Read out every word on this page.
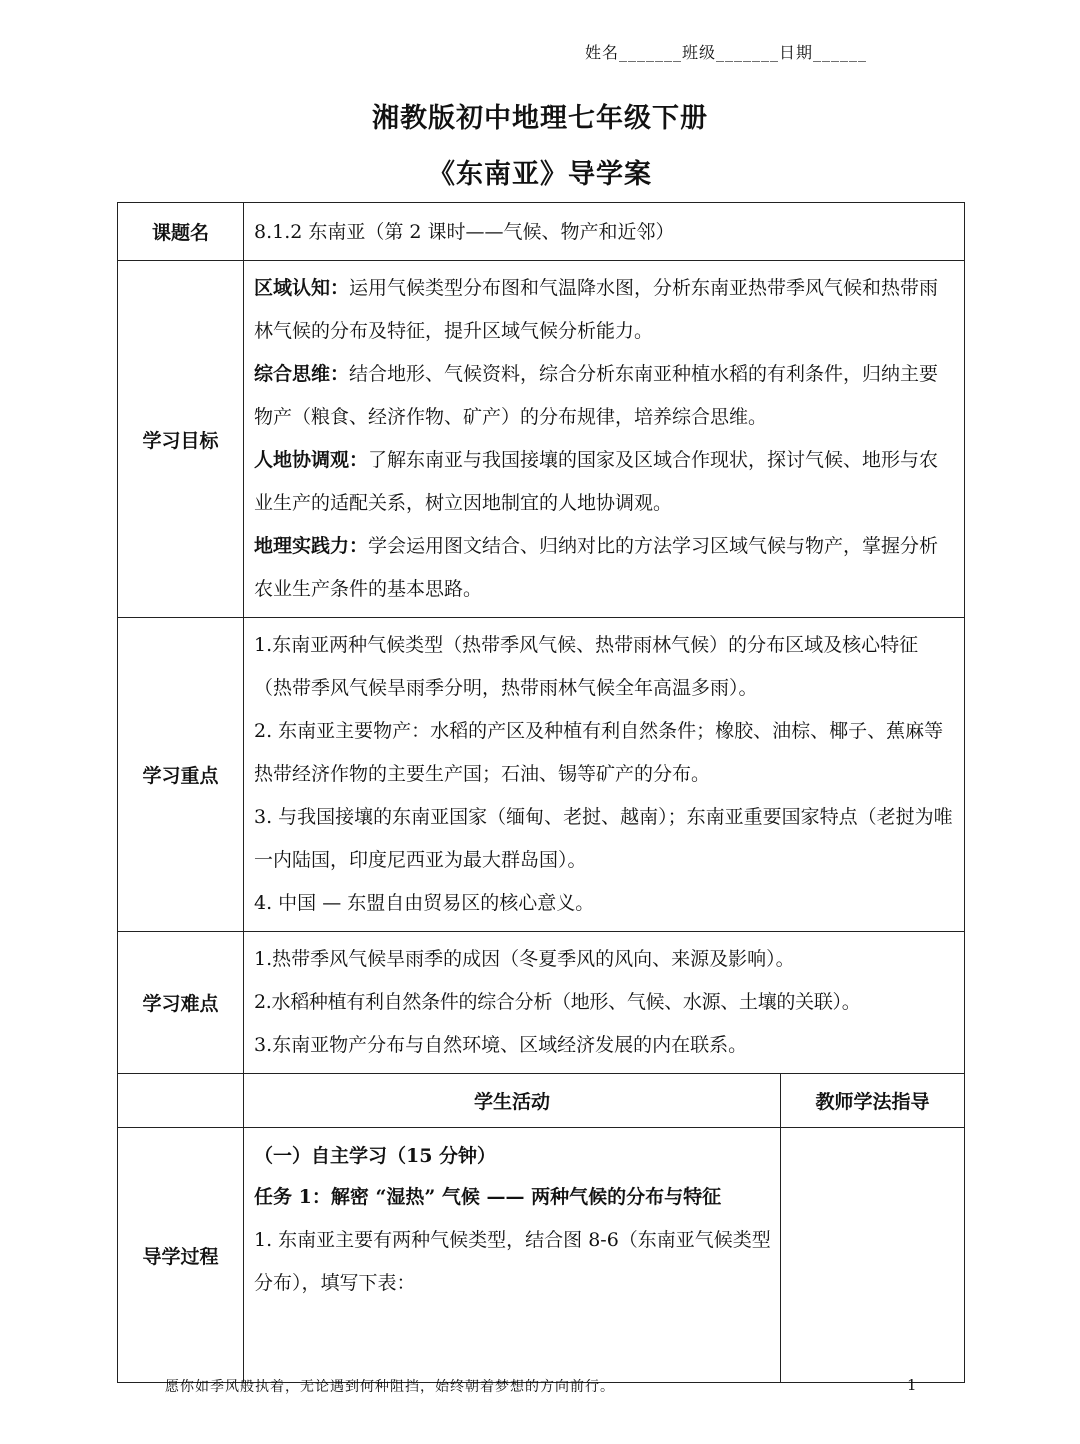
姓名_______班级_______日期______
湘教版初中地理七年级下册
《东南亚》导学案
课题名	8.1.2 东南亚（第 2 课时——气候、物产和近邻）	
学习目标	区域认知：运用气候类型分布图和气温降水图，分析东南亚热带季风气候和热带雨林气候的分布及特征，提升区域气候分析能力。

综合思维：结合地形、气候资料，综合分析东南亚种植水稻的有利条件，归纳主要物产（粮食、经济作物、矿产）的分布规律，培养综合思维。

人地协调观：了解东南亚与我国接壤的国家及区域合作现状，探讨气候、地形与农业生产的适配关系，树立因地制宜的人地协调观。

地理实践力：学会运用图文结合、归纳对比的方法学习区域气候与物产，掌握分析农业生产条件的基本思路。	

学习重点	1.东南亚两种气候类型（热带季风气候、热带雨林气候）的分布区域及核心特征（热带季风气候旱雨季分明，热带雨林气候全年高温多雨）。

2. 东南亚主要物产：水稻的产区及种植有利自然条件；橡胶、油棕、椰子、蕉麻等热带经济作物的主要生产国；石油、锡等矿产的分布。

3. 与我国接壤的东南亚国家（缅甸、老挝、越南）；东南亚重要国家特点（老挝为唯一内陆国，印度尼西亚为最大群岛国）。

4. 中国 — 东盟自由贸易区的核心意义。	

学习难点	1.热带季风气候旱雨季的成因（冬夏季风的风向、来源及影响）。

2.水稻种植有利自然条件的综合分析（地形、气候、水源、土壤的关联）。

3.东南亚物产分布与自然环境、区域经济发展的内在联系。	

	学生活动	教师学法指导
导学过程	（一）自主学习（15 分钟）

任务 1：解密 “湿热” 气候 —— 两种气候的分布与特征

1. 东南亚主要有两种气候类型，结合图 8-6（东南亚气候类型分布），填写下表：	

愿你如季风般执着，无论遇到何种阻挡，始终朝着梦想的方向前行。	1
